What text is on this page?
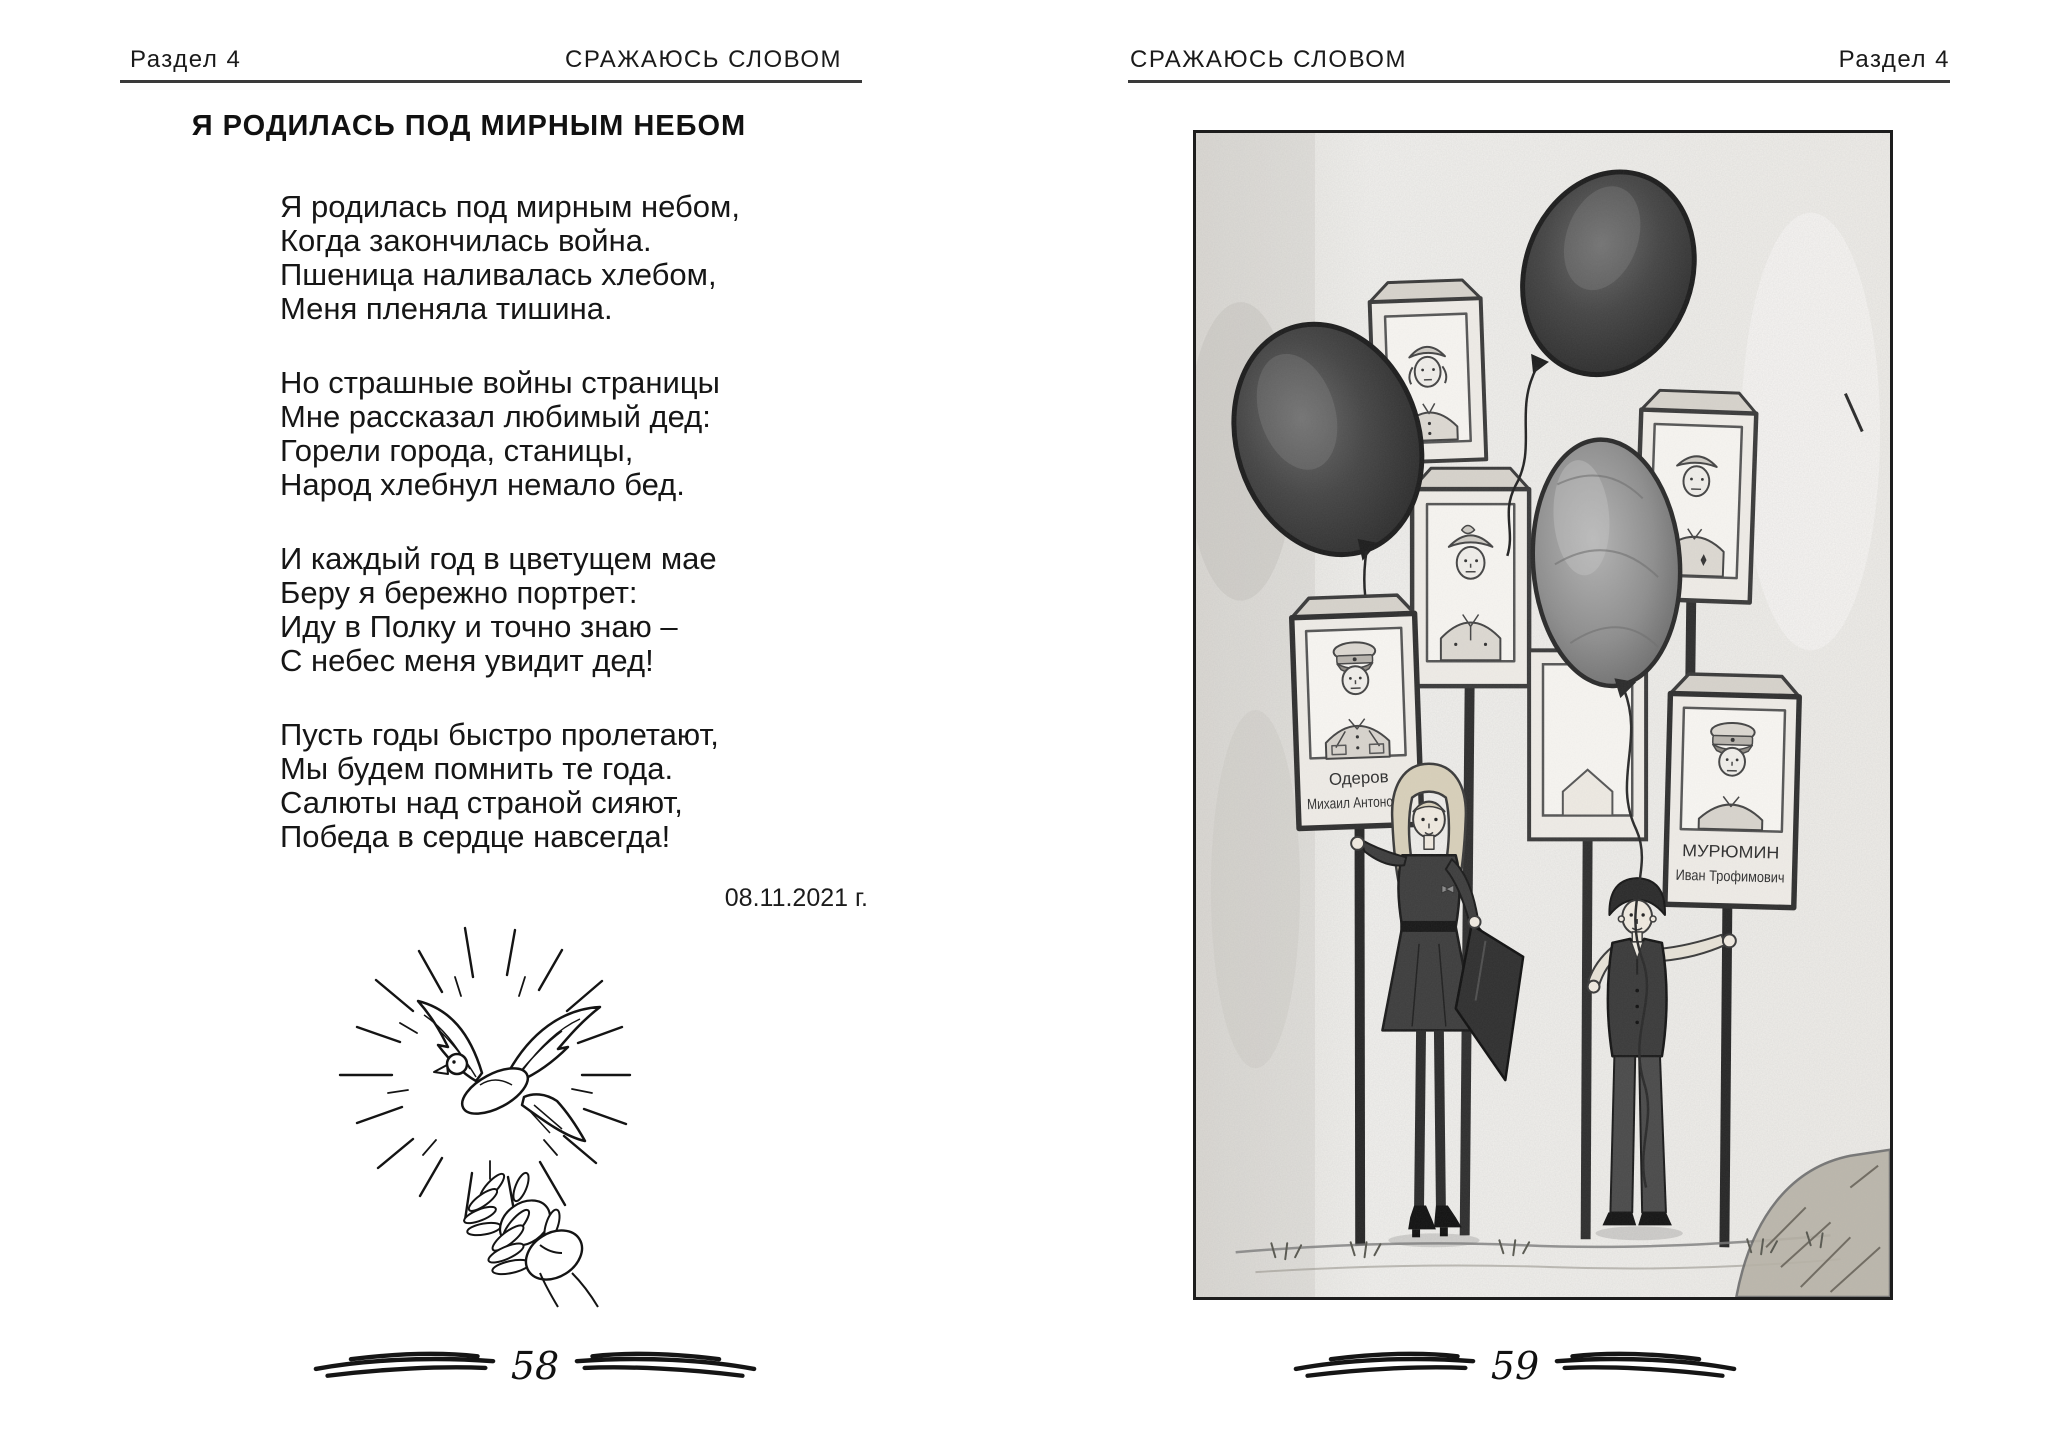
Раздел 4	СРАЖАЮСЬ СЛОВОМ
Я РОДИЛАСЬ ПОД МИРНЫМ НЕБОМ
Я родилась под мирным небом,
Когда закончилась война.
Пшеница наливалась хлебом,
Меня пленяла тишина.
Но страшные войны страницы
Мне рассказал любимый дед:
Горели города, станицы,
Народ хлебнул немало бед.
И каждый год в цветущем мае
Беру я бережно портрет:
Иду в Полку и точно знаю –
С небес меня увидит дед!
Пусть годы быстро пролетают,
Мы будем помнить те года.
Салюты над страной сияют,
Победа в сердце навсегда!
08.11.2021 г.
58
СРАЖАЮСЬ СЛОВОМ	Раздел 4
Одеров
Михаил Антонович
МУРЮМИН
Иван Трофимович
59
